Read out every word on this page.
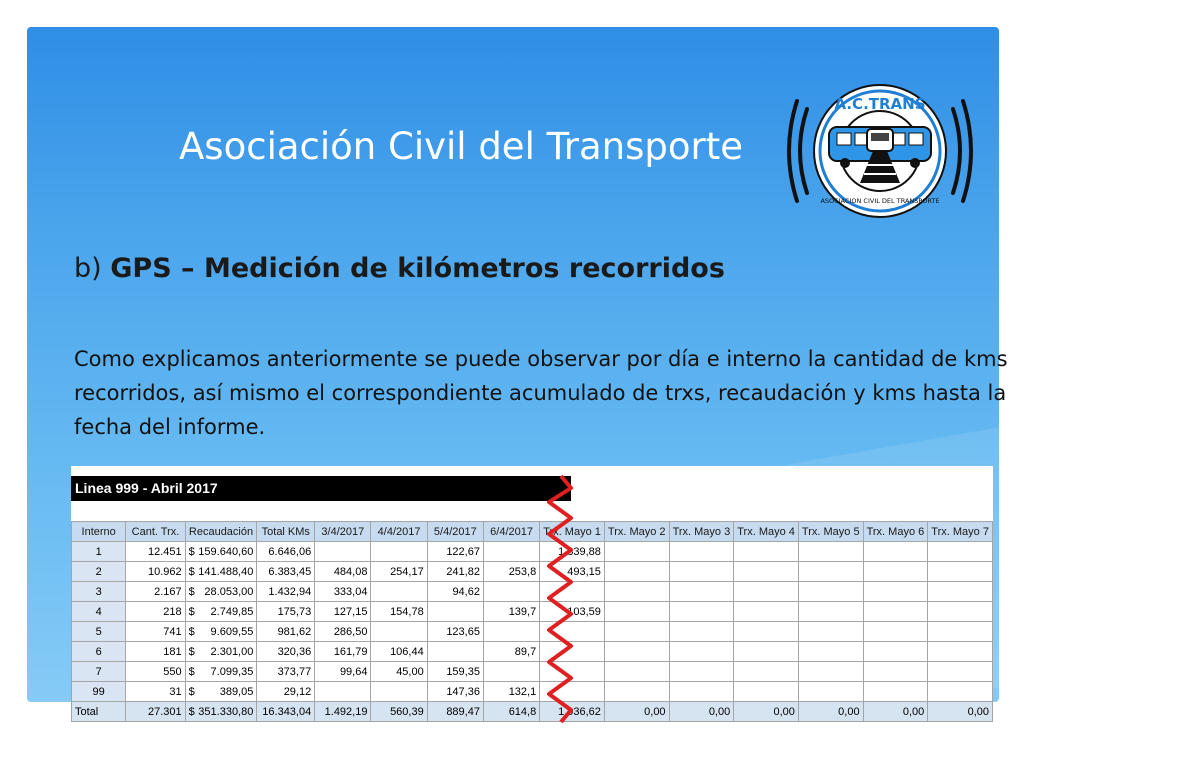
Asociación Civil del Transporte
A.C.TRANS
ASOCIACION CIVIL DEL TRANSPORTE
b) GPS – Medición de kilómetros recorridos
Como explicamos anteriormente se puede observar por día e interno la cantidad de kms recorridos, así mismo el correspondiente acumulado de trxs, recaudación y kms hasta la fecha del informe.
Linea 999 - Abril 2017
Interno	Cant. Trx.	Recaudación	Total KMs	3/4/2017	4/4/2017	5/4/2017	6/4/2017	Trx. Mayo 1	Trx. Mayo 2	Trx. Mayo 3	Trx. Mayo 4	Trx. Mayo 5	Trx. Mayo 6	Trx. Mayo 7
1	12.451	$ 159.640,60	6.646,06			122,67		1.339,88						
2	10.962	$ 141.488,40	6.383,45	484,08	254,17	241,82	253,8	493,15						
3	2.167	$ 28.053,00	1.432,94	333,04		94,62								
4	218	$ 2.749,85	175,73	127,15	154,78		139,7	103,59						
5	741	$ 9.609,55	981,62	286,50		123,65								
6	181	$ 2.301,00	320,36	161,79	106,44		89,7							
7	550	$ 7.099,35	373,77	99,64	45,00	159,35								
99	31	$ 389,05	29,12			147,36	132,1							
Total	27.301	$ 351.330,80	16.343,04	1.492,19	560,39	889,47	614,8	1.936,62	0,00	0,00	0,00	0,00	0,00	0,00
